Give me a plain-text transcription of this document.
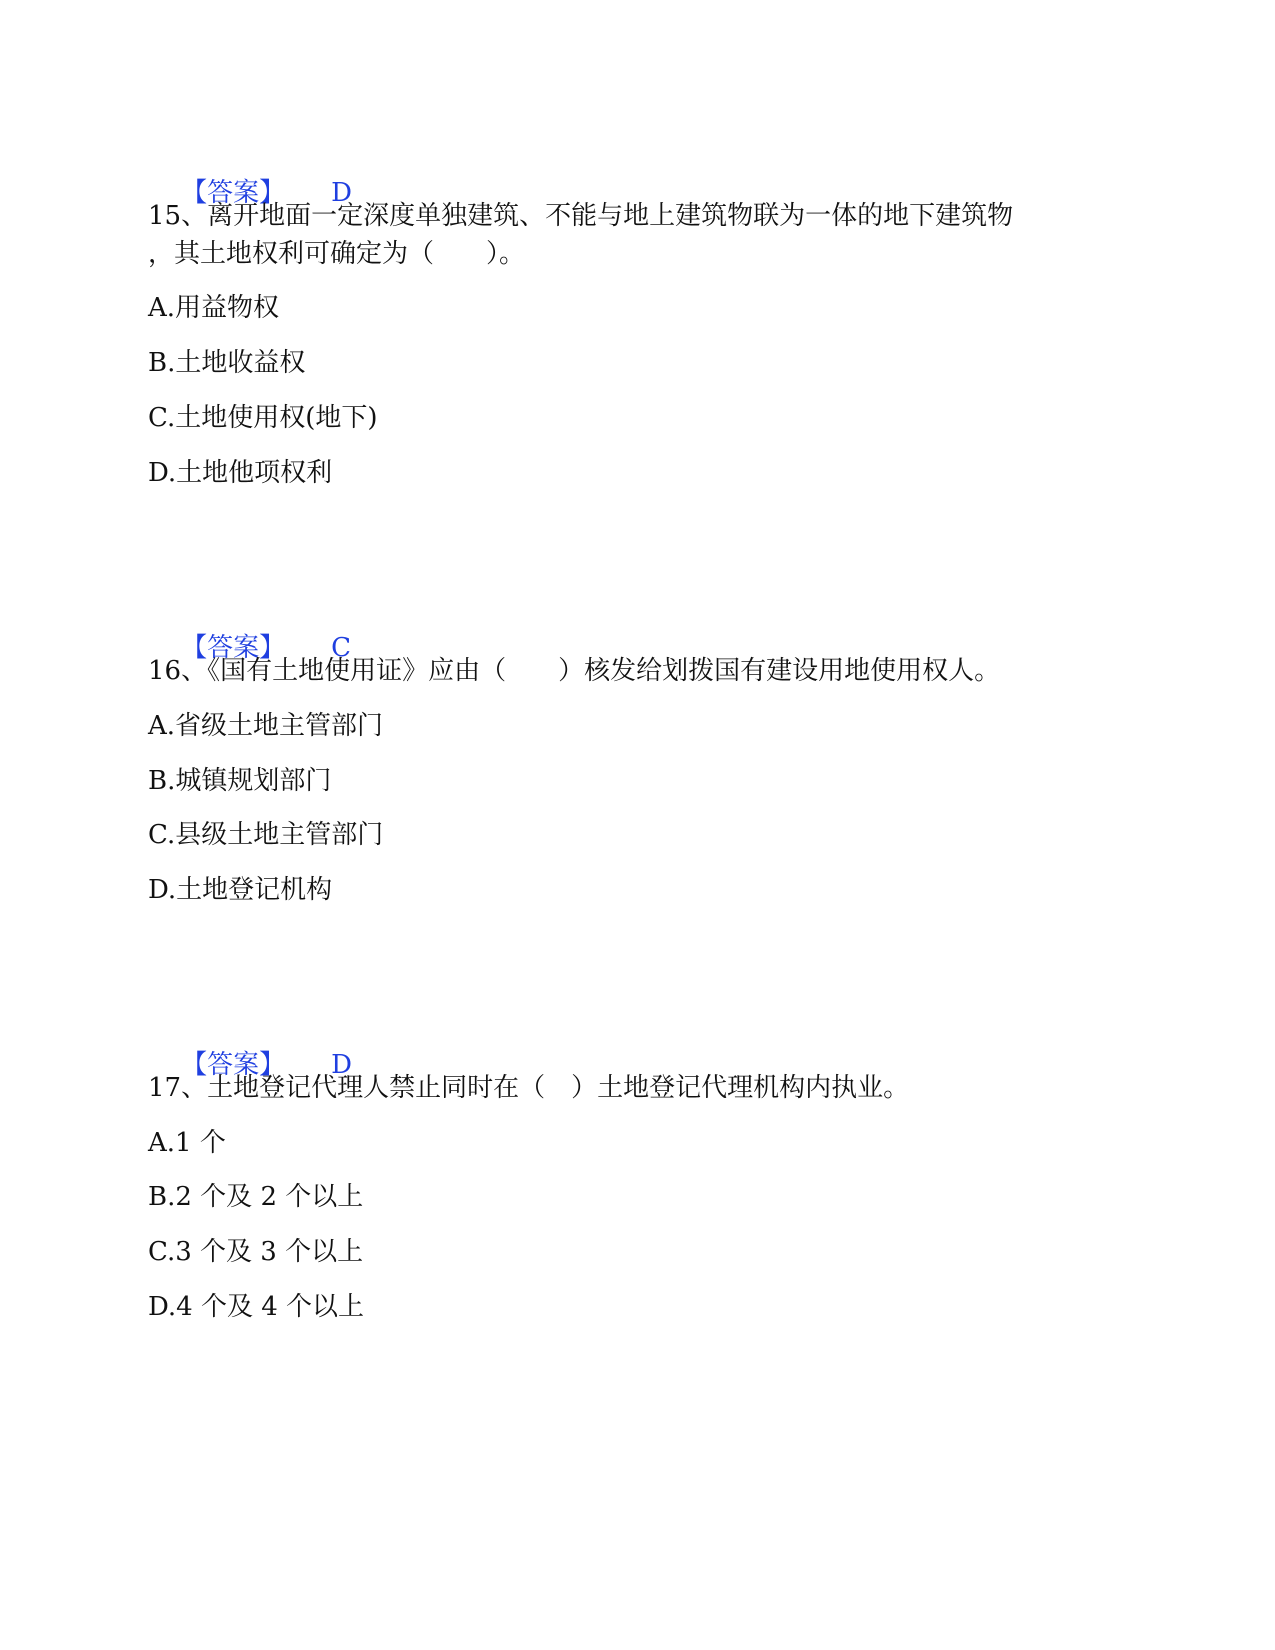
【答案】 D

15、离开地面一定深度单独建筑、不能与地上建筑物联为一体的地下建筑物
，其土地权利可确定为（　　）。
A.用益物权
B.土地收益权
C.土地使用权(地下)
D.土地他项权利

【答案】 C

16、《国有土地使用证》应由（　　）核发给划拨国有建设用地使用权人。
A.省级土地主管部门
B.城镇规划部门
C.县级土地主管部门
D.土地登记机构

【答案】 D

17、土地登记代理人禁止同时在（　）土地登记代理机构内执业。
A.1 个
B.2 个及 2 个以上
C.3 个及 3 个以上
D.4 个及 4 个以上
